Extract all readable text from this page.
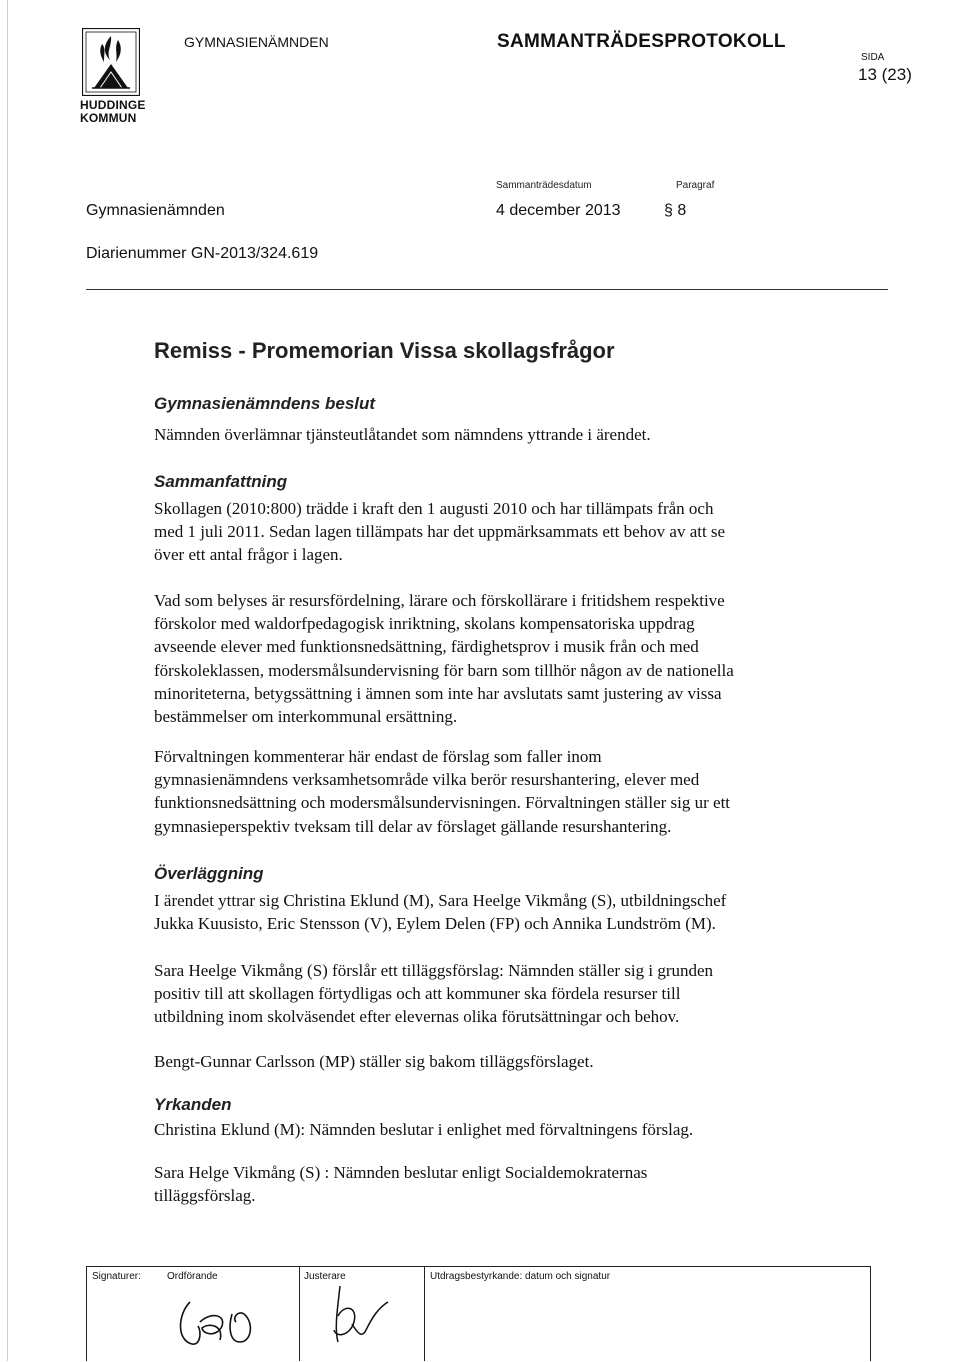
HUDDINGE
KOMMUN
GYMNASIENÄMNDEN	SAMMANTRÄDESPROTOKOLL
SIDA
13 (23)
Sammanträdesdatum	Paragraf
Gymnasienämnden	4 december 2013	§ 8
Diarienummer GN-2013/324.619
Remiss - Promemorian Vissa skollagsfrågor
Gymnasienämndens beslut
Nämnden överlämnar tjänsteutlåtandet som nämndens yttrande i ärendet.
Sammanfattning
Skollagen (2010:800) trädde i kraft den 1 augusti 2010 och har tillämpats från och
med 1 juli 2011. Sedan lagen tillämpats har det uppmärksammats ett behov av att se
över ett antal frågor i lagen.
Vad som belyses är resursfördelning, lärare och förskollärare i fritidshem respektive
förskolor med waldorfpedagogisk inriktning, skolans kompensatoriska uppdrag
avseende elever med funktionsnedsättning, färdighetsprov i musik från och med
förskoleklassen, modersmålsundervisning för barn som tillhör någon av de nationella
minoriteterna, betygssättning i ämnen som inte har avslutats samt justering av vissa
bestämmelser om interkommunal ersättning.
Förvaltningen kommenterar här endast de förslag som faller inom
gymnasienämndens verksamhetsområde vilka berör resurshantering, elever med
funktionsnedsättning och modersmålsundervisningen. Förvaltningen ställer sig ur ett
gymnasieperspektiv tveksam till delar av förslaget gällande resurshantering.
Överläggning
I ärendet yttrar sig Christina Eklund (M), Sara Heelge Vikmång (S), utbildningschef
Jukka Kuusisto, Eric Stensson (V), Eylem Delen (FP) och Annika Lundström (M).
Sara Heelge Vikmång (S) förslår ett tilläggsförslag: Nämnden ställer sig i grunden
positiv till att skollagen förtydligas och att kommuner ska fördela resurser till
utbildning inom skolväsendet efter elevernas olika förutsättningar och behov.
Bengt-Gunnar Carlsson (MP) ställer sig bakom tilläggsförslaget.
Yrkanden
Christina Eklund (M): Nämnden beslutar i enlighet med förvaltningens förslag.
Sara Helge Vikmång (S) : Nämnden beslutar enligt Socialdemokraternas
tilläggsförslag.
Signaturer:	Ordförande	Justerare	Utdragsbestyrkande: datum och signatur
